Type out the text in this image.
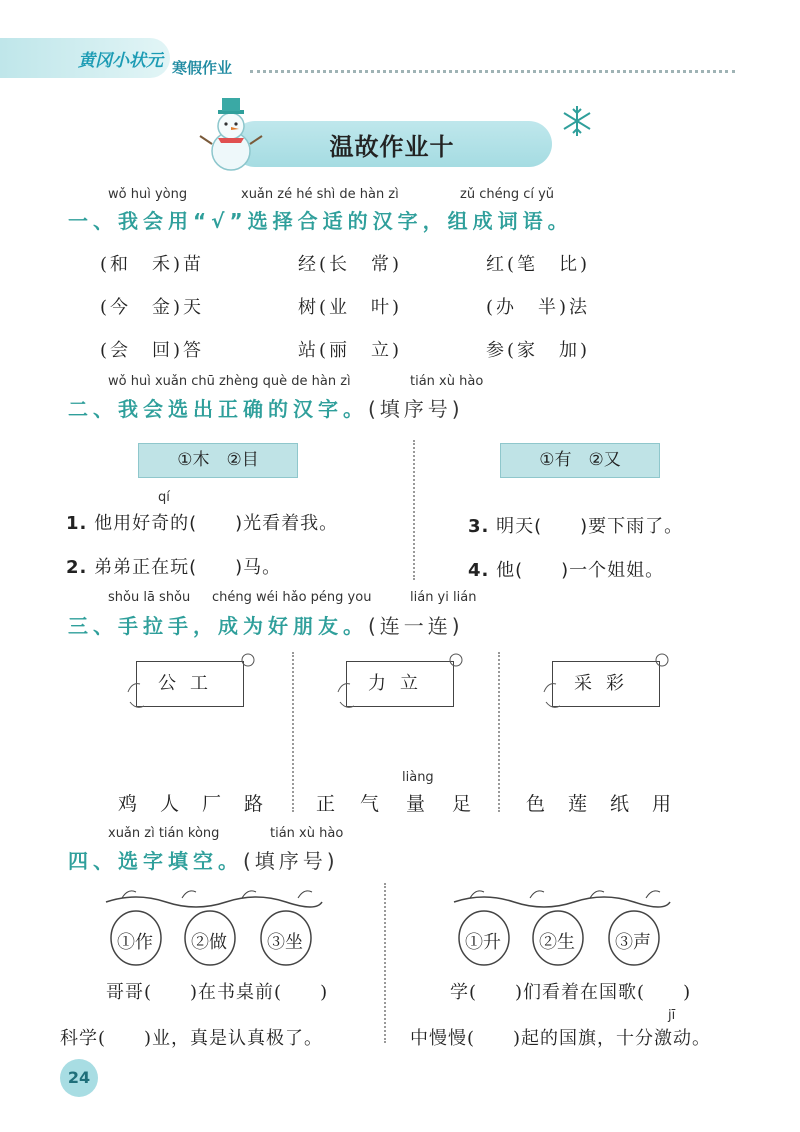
黄冈小状元 寒假作业
温故作业十
wǒ huì yòng	xuǎn zé hé shì de hàn zì	zǔ chéng cí yǔ
一、我会用“√”选择合适的汉字，组成词语。
(和　禾)苗	经(长　常)	红(笔　比)
(今　金)天	树(业　叶)	(办　半)法
(会　回)答	站(丽　立)	参(家　加)
wǒ huì xuǎn chū zhèng què de hàn zì	tián xù hào
二、我会选出正确的汉字。(填序号)
①木　②目	①有　②又
qí
1. 他用好奇的(　　)光看着我。
2. 弟弟正在玩(　　)马。
3. 明天(　　)要下雨了。
4. 他(　　)一个姐姐。
shǒu lā shǒu chéng wéi hǎo péng you	lián yi lián
三、手拉手，成为好朋友。(连一连)
公工	力立	采彩
liàng
鸡 人 厂 路	正 气 量 足	色 莲 纸 用
xuǎn zì tián kòng	tián xù hào
四、选字填空。(填序号)
①作 ②做 ③坐	①升 ②生 ③声
哥哥(　　)在书桌前(　　)
科学(　　)业，真是认真极了。
学(　　)们看着在国歌(　　)
jī
中慢慢(　　)起的国旗，十分激动。
24
